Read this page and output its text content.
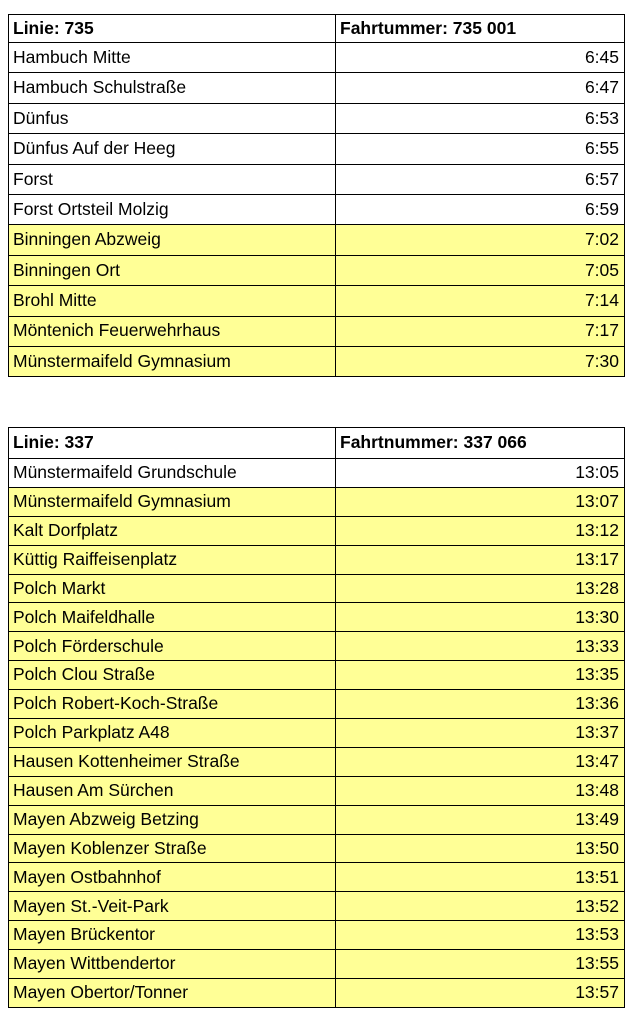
Linie: 735	Fahrtummer: 735 001
Hambuch Mitte	6:45
Hambuch Schulstraße	6:47
Dünfus	6:53
Dünfus Auf der Heeg	6:55
Forst	6:57
Forst Ortsteil Molzig	6:59
Binningen Abzweig	7:02
Binningen Ort	7:05
Brohl Mitte	7:14
Möntenich Feuerwehrhaus	7:17
Münstermaifeld Gymnasium	7:30
Linie: 337	Fahrtnummer: 337 066
Münstermaifeld Grundschule	13:05
Münstermaifeld Gymnasium	13:07
Kalt Dorfplatz	13:12
Küttig Raiffeisenplatz	13:17
Polch Markt	13:28
Polch Maifeldhalle	13:30
Polch Förderschule	13:33
Polch Clou Straße	13:35
Polch Robert-Koch-Straße	13:36
Polch Parkplatz A48	13:37
Hausen Kottenheimer Straße	13:47
Hausen Am Sürchen	13:48
Mayen Abzweig Betzing	13:49
Mayen Koblenzer Straße	13:50
Mayen Ostbahnhof	13:51
Mayen St.-Veit-Park	13:52
Mayen Brückentor	13:53
Mayen Wittbendertor	13:55
Mayen Obertor/Tonner	13:57
